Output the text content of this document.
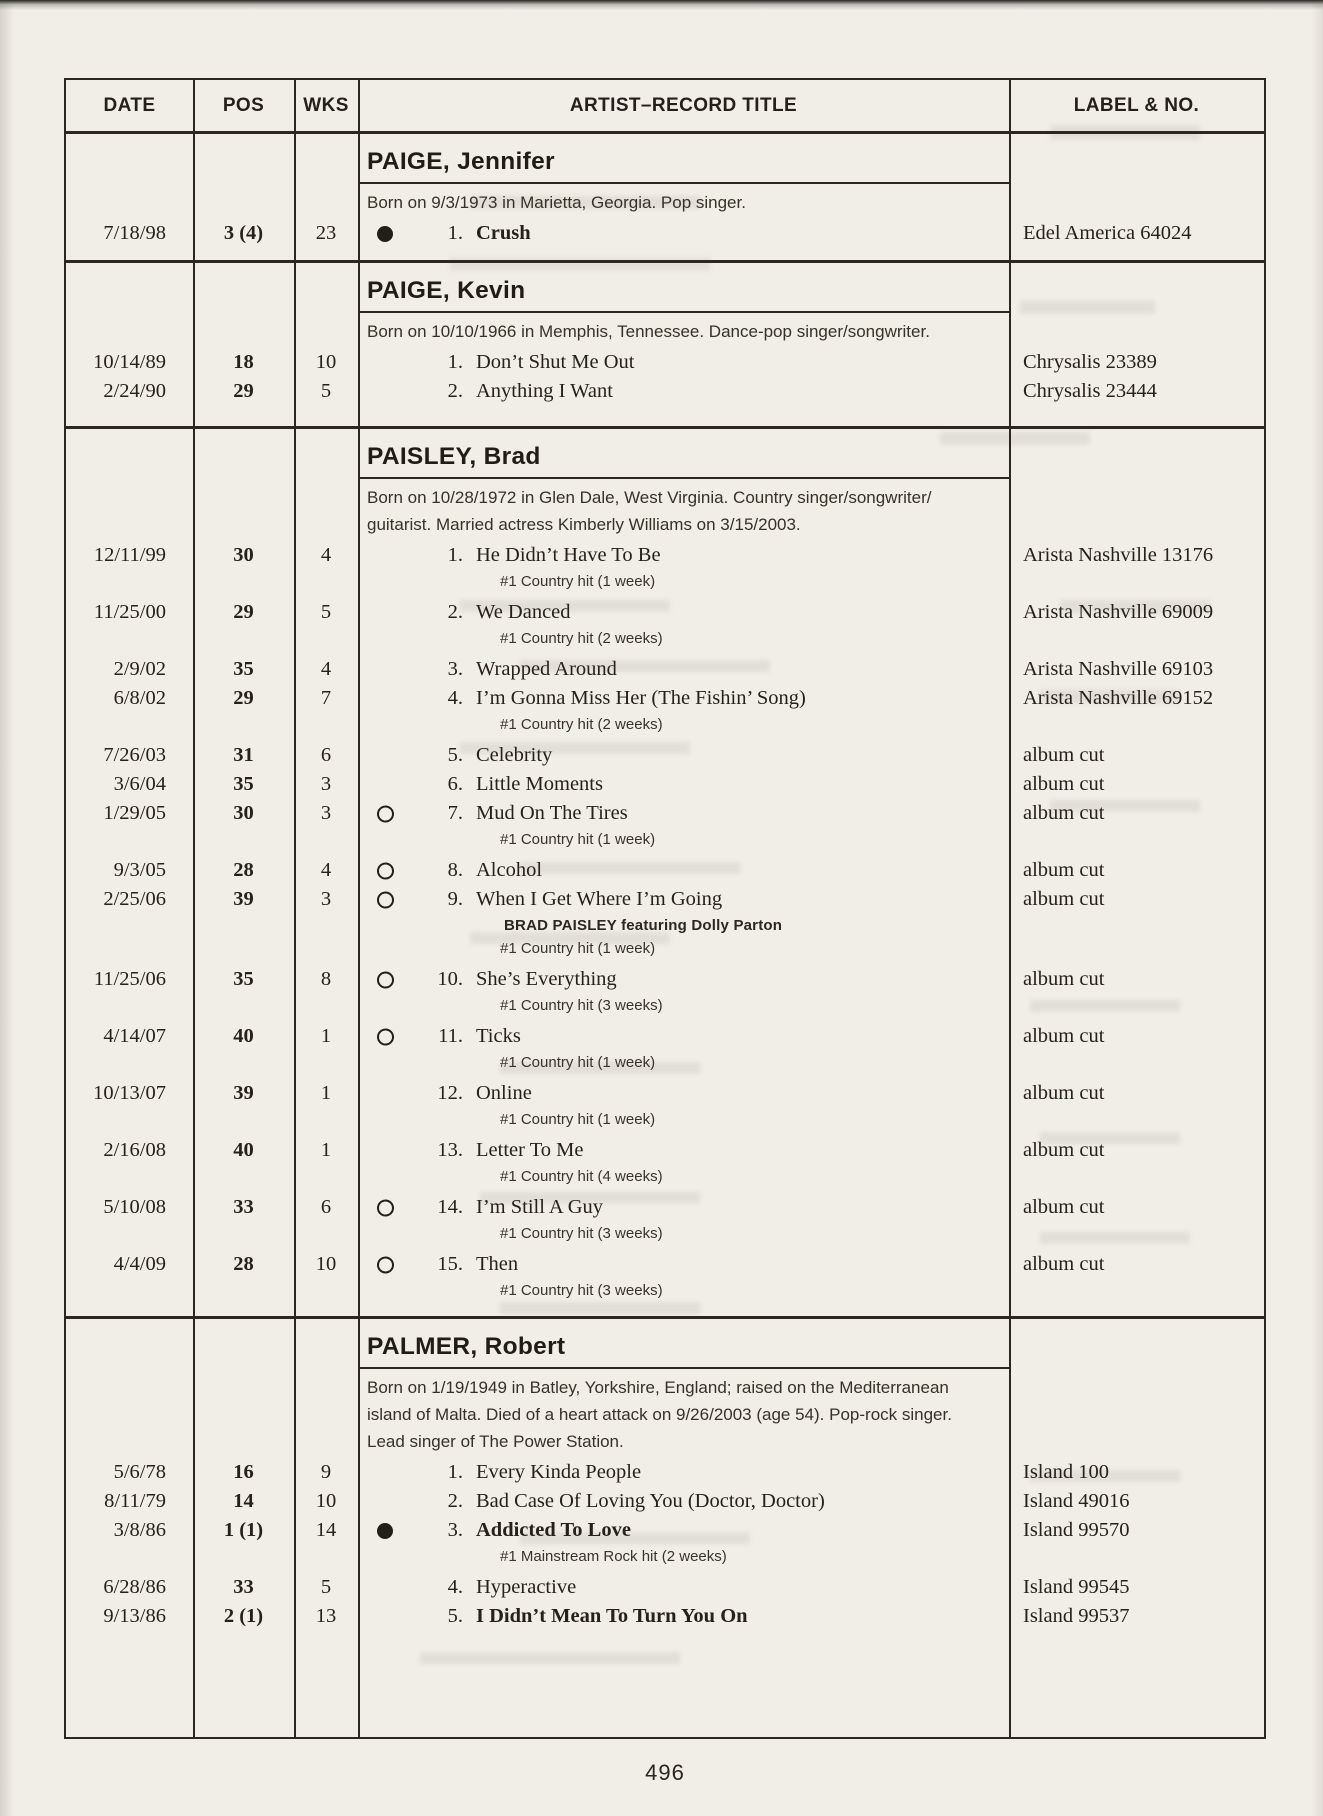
DATE	POS	WKS	ARTIST–RECORD TITLE	LABEL & NO.
PAIGE, Jennifer
Born on 9/3/1973 in Marietta, Georgia. Pop singer.
7/18/98	3 (4)	23	1. Crush	Edel America 64024
PAIGE, Kevin
Born on 10/10/1966 in Memphis, Tennessee. Dance-pop singer/​songwriter.
10/14/89	18	10	1. Don’t Shut Me Out	Chrysalis 23389
2/24/90	29	5	2. Anything I Want	Chrysalis 23444
PAISLEY, Brad
Born on 10/28/1972 in Glen Dale, West Virginia. Country singer/​songwriter/​guitarist. Married actress Kimberly Williams on 3/15/2003.
12/11/99	30	4	1. He Didn’t Have To Be	Arista Nashville 13176
#1 Country hit (1 week)
11/25/00	29	5	2. We Danced	Arista Nashville 69009
#1 Country hit (2 weeks)
2/9/02	35	4	3. Wrapped Around	Arista Nashville 69103
6/8/02	29	7	4. I’m Gonna Miss Her (The Fishin’ Song)	Arista Nashville 69152
#1 Country hit (2 weeks)
7/26/03	31	6	5. Celebrity	album cut
3/6/04	35	3	6. Little Moments	album cut
1/29/05	30	3	7. Mud On The Tires	album cut
#1 Country hit (1 week)
9/3/05	28	4	8. Alcohol	album cut
2/25/06	39	3	9. When I Get Where I’m Going	album cut
BRAD PAISLEY featuring Dolly Parton
#1 Country hit (1 week)
11/25/06	35	8	10. She’s Everything	album cut
#1 Country hit (3 weeks)
4/14/07	40	1	11. Ticks	album cut
#1 Country hit (1 week)
10/13/07	39	1	12. Online	album cut
#1 Country hit (1 week)
2/16/08	40	1	13. Letter To Me	album cut
#1 Country hit (4 weeks)
5/10/08	33	6	14. I’m Still A Guy	album cut
#1 Country hit (3 weeks)
4/4/09	28	10	15. Then	album cut
#1 Country hit (3 weeks)
PALMER, Robert
Born on 1/19/1949 in Batley, Yorkshire, England; raised on the Mediterranean island of Malta. Died of a heart attack on 9/26/2003 (age 54). Pop-rock singer. Lead singer of The Power Station.
5/6/78	16	9	1. Every Kinda People	Island 100
8/11/79	14	10	2. Bad Case Of Loving You (Doctor, Doctor)	Island 49016
3/8/86	1 (1)	14	3. Addicted To Love	Island 99570
#1 Mainstream Rock hit (2 weeks)
6/28/86	33	5	4. Hyperactive	Island 99545
9/13/86	2 (1)	13	5. I Didn’t Mean To Turn You On	Island 99537
496
